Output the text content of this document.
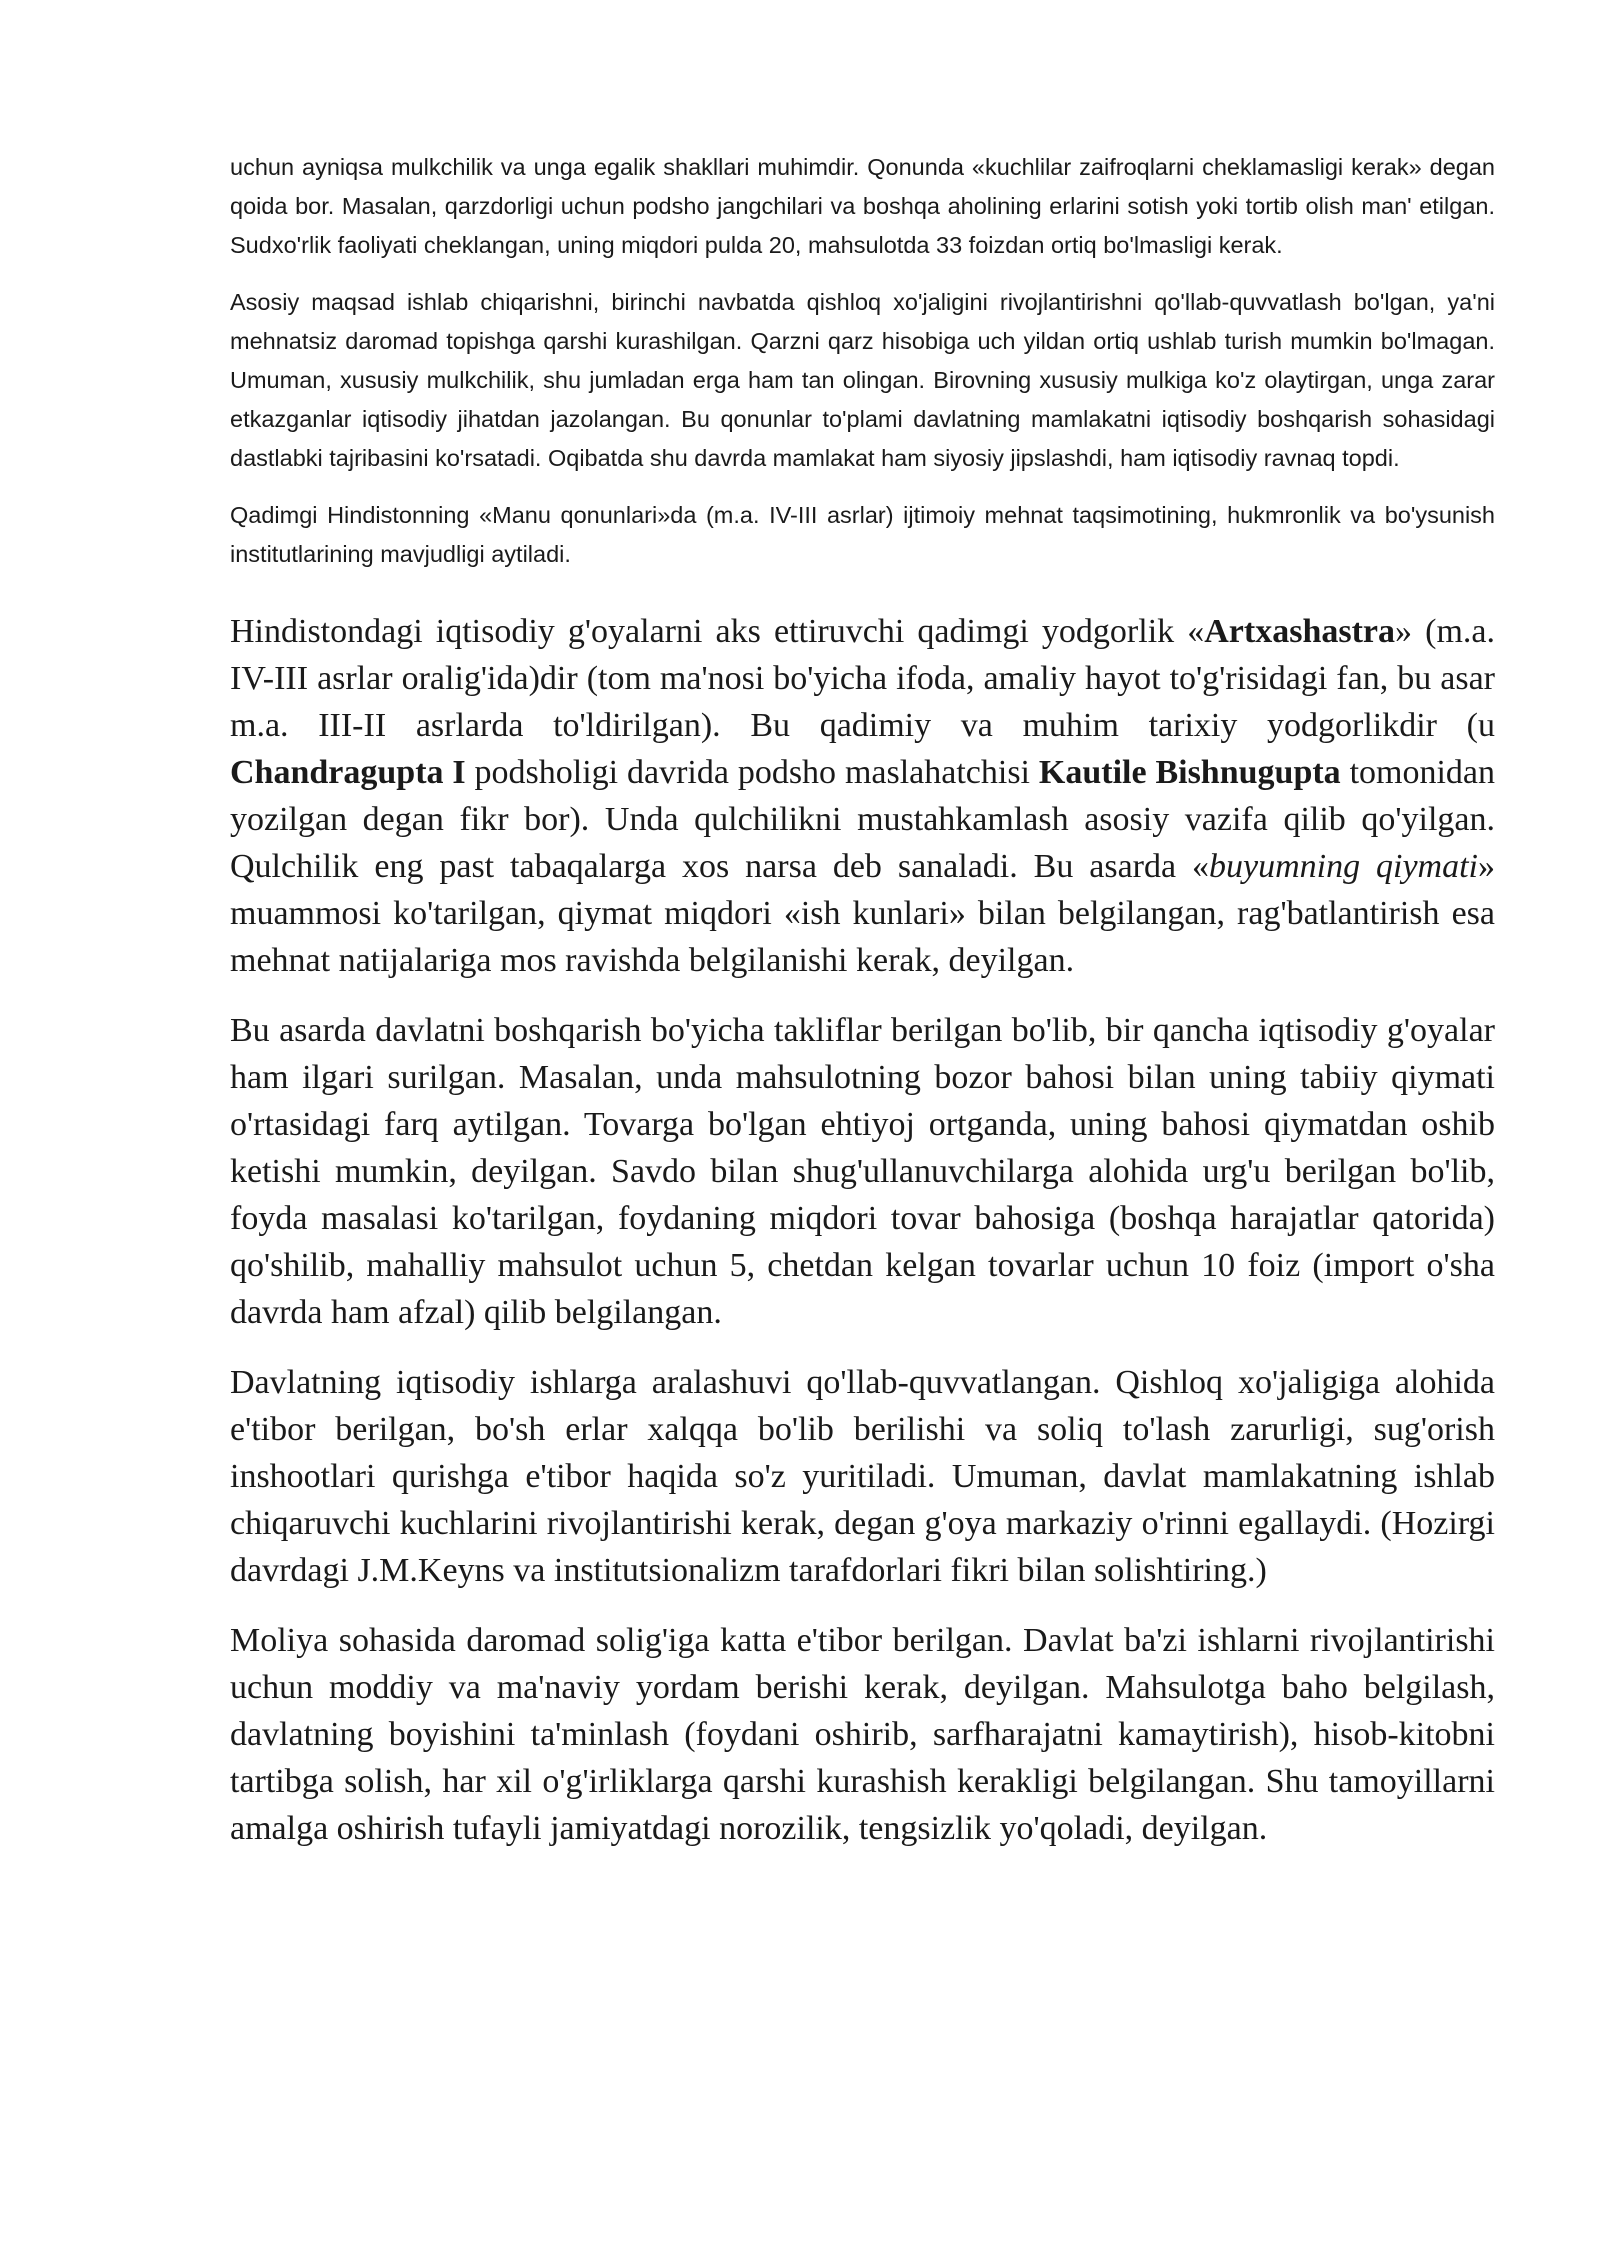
uchun ayniqsa mulkchilik va unga egalik shakllari muhimdir. Qonunda «kuchlilar zaifroqlarni cheklamasligi kerak» degan qoida bor. Masalan, qarzdorligi uchun podsho jangchilari va boshqa aholining erlarini sotish yoki tortib olish man' etilgan. Sudxo'rlik faoliyati cheklangan, uning miqdori pulda 20, mahsulotda 33 foizdan ortiq bo'lmasligi kerak.

Asosiy maqsad ishlab chiqarishni, birinchi navbatda qishloq xo'jaligini rivojlantirishni qo'llab-quvvatlash bo'lgan, ya'ni mehnatsiz daromad topishga qarshi kurashilgan. Qarzni qarz hisobiga uch yildan ortiq ushlab turish mumkin bo'lmagan. Umuman, xususiy mulkchilik, shu jumladan erga ham tan olingan. Birovning xususiy mulkiga ko'z olaytirgan, unga zarar etkazganlar iqtisodiy jihatdan jazolangan. Bu qonunlar to'plami davlatning mamlakatni iqtisodiy boshqarish sohasidagi dastlabki tajribasini ko'rsatadi. Oqibatda shu davrda mamlakat ham siyosiy jipslashdi, ham iqtisodiy ravnaq topdi.

Qadimgi Hindistonning «Manu qonunlari»da (m.a. IV-III asrlar) ijtimoiy mehnat taqsimotining, hukmronlik va bo'ysunish institutlarining mavjudligi aytiladi.

Hindistondagi iqtisodiy g'oyalarni aks ettiruvchi qadimgi yodgorlik «Artxashastra» (m.a. IV-III asrlar oralig'ida)dir (tom ma'nosi bo'yicha ifoda, amaliy hayot to'g'risidagi fan, bu asar m.a. III-II asrlarda to'ldirilgan). Bu qadimiy va muhim tarixiy yodgorlikdir (u Chandragupta I podsholigi davrida podsho maslahatchisi Kautile Bishnugupta tomonidan yozilgan degan fikr bor). Unda qulchilikni mustahkamlash asosiy vazifa qilib qo'yilgan. Qulchilik eng past tabaqalarga xos narsa deb sanaladi. Bu asarda «buyumning qiymati» muammosi ko'tarilgan, qiymat miqdori «ish kunlari» bilan belgilangan, rag'batlantirish esa mehnat natijalariga mos ravishda belgilanishi kerak, deyilgan.

Bu asarda davlatni boshqarish bo'yicha takliflar berilgan bo'lib, bir qancha iqtisodiy g'oyalar ham ilgari surilgan. Masalan, unda mahsulotning bozor bahosi bilan uning tabiiy qiymati o'rtasidagi farq aytilgan. Tovarga bo'lgan ehtiyoj ortganda, uning bahosi qiymatdan oshib ketishi mumkin, deyilgan. Savdo bilan shug'ullanuvchilarga alohida urg'u berilgan bo'lib, foyda masalasi ko'tarilgan, foydaning miqdori tovar bahosiga (boshqa harajatlar qatorida) qo'shilib, mahalliy mahsulot uchun 5, chetdan kelgan tovarlar uchun 10 foiz (import o'sha davrda ham afzal) qilib belgilangan.

Davlatning iqtisodiy ishlarga aralashuvi qo'llab-quvvatlangan. Qishloq xo'jaligiga alohida e'tibor berilgan, bo'sh erlar xalqqa bo'lib berilishi va soliq to'lash zarurligi, sug'orish inshootlari qurishga e'tibor haqida so'z yuritiladi. Umuman, davlat mamlakatning ishlab chiqaruvchi kuchlarini rivojlantirishi kerak, degan g'oya markaziy o'rinni egallaydi. (Hozirgi davrdagi J.M.Keyns va institutsionalizm tarafdorlari fikri bilan solishtiring.)

Moliya sohasida daromad solig'iga katta e'tibor berilgan. Davlat ba'zi ishlarni rivojlantirishi uchun moddiy va ma'naviy yordam berishi kerak, deyilgan. Mahsulotga baho belgilash, davlatning boyishini ta'minlash (foydani oshirib, sarfharajatni kamaytirish), hisob-kitobni tartibga solish, har xil o'g'irliklarga qarshi kurashish kerakligi belgilangan. Shu tamoyillarni amalga oshirish tufayli jamiyatdagi norozilik, tengsizlik yo'qoladi, deyilgan.
